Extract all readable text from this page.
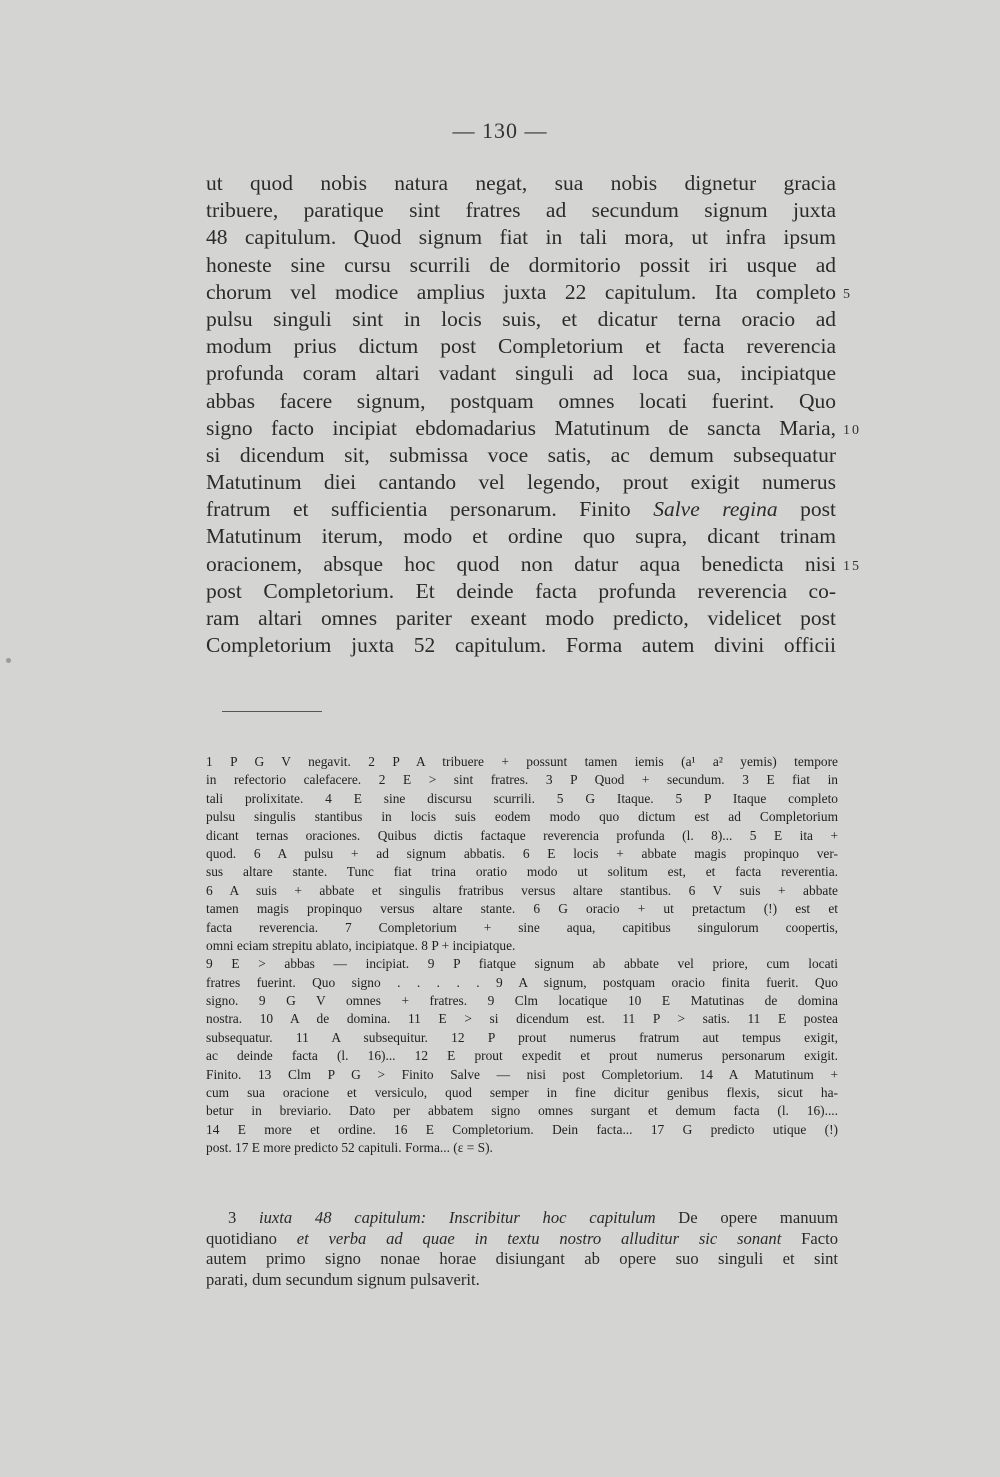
— 130 —
ut quod nobis natura negat, sua nobis dignetur gracia
tribuere, paratique sint fratres ad secundum signum juxta
48 capitulum. Quod signum fiat in tali mora, ut infra ipsum
honeste sine cursu scurrili de dormitorio possit iri usque ad
chorum vel modice amplius juxta 22 capitulum. Ita completo
pulsu singuli sint in locis suis, et dicatur terna oracio ad
modum prius dictum post Completorium et facta reverencia
profunda coram altari vadant singuli ad loca sua, incipiatque
abbas facere signum, postquam omnes locati fuerint. Quo
signo facto incipiat ebdomadarius Matutinum de sancta Maria,
si dicendum sit, submissa voce satis, ac demum subsequatur
Matutinum diei cantando vel legendo, prout exigit numerus
fratrum et sufficientia personarum. Finito Salve regina post
Matutinum iterum, modo et ordine quo supra, dicant trinam
oracionem, absque hoc quod non datur aqua benedicta nisi
post Completorium. Et deinde facta profunda reverencia co-
ram altari omnes pariter exeant modo predicto, videlicet post
Completorium juxta 52 capitulum. Forma autem divini officii
5
10
15
1 P G V negavit. 2 P A tribuere + possunt tamen iemis (a¹ a² yemis) tempore
in refectorio calefacere. 2 E > sint fratres. 3 P Quod + secundum. 3 E fiat in
tali prolixitate. 4 E sine discursu scurrili. 5 G Itaque. 5 P Itaque completo
pulsu singulis stantibus in locis suis eodem modo quo dictum est ad Completorium
dicant ternas oraciones. Quibus dictis factaque reverencia profunda (l. 8)... 5 E ita +
quod. 6 A pulsu + ad signum abbatis. 6 E locis + abbate magis propinquo ver-
sus altare stante. Tunc fiat trina oratio modo ut solitum est, et facta reverentia.
6 A suis + abbate et singulis fratribus versus altare stantibus. 6 V suis + abbate
tamen magis propinquo versus altare stante. 6 G oracio + ut pretactum (!) est et
facta reverencia. 7 Completorium + sine aqua, capitibus singulorum coopertis,
omni eciam strepitu ablato, incipiatque. 8 P + incipiatque.
9 E > abbas — incipiat. 9 P fiatque signum ab abbate vel priore, cum locati
fratres fuerint. Quo signo . . . . . 9 A signum, postquam oracio finita fuerit. Quo
signo. 9 G V omnes + fratres. 9 Clm locatique 10 E Matutinas de domina
nostra. 10 A de domina. 11 E > si dicendum est. 11 P > satis. 11 E postea
subsequatur. 11 A subsequitur. 12 P prout numerus fratrum aut tempus exigit,
ac deinde facta (l. 16)... 12 E prout expedit et prout numerus personarum exigit.
Finito. 13 Clm P G > Finito Salve — nisi post Completorium. 14 A Matutinum +
cum sua oracione et versiculo, quod semper in fine dicitur genibus flexis, sicut ha-
betur in breviario. Dato per abbatem signo omnes surgant et demum facta (l. 16)....
14 E more et ordine. 16 E Completorium. Dein facta... 17 G predicto utique (!)
post. 17 E more predicto 52 capituli. Forma... (ε = S).
3 iuxta 48 capitulum: Inscribitur hoc capitulum De opere manuum
quotidiano et verba ad quae in textu nostro alluditur sic sonant Facto
autem primo signo nonae horae disiungant ab opere suo singuli et sint
parati, dum secundum signum pulsaverit.
